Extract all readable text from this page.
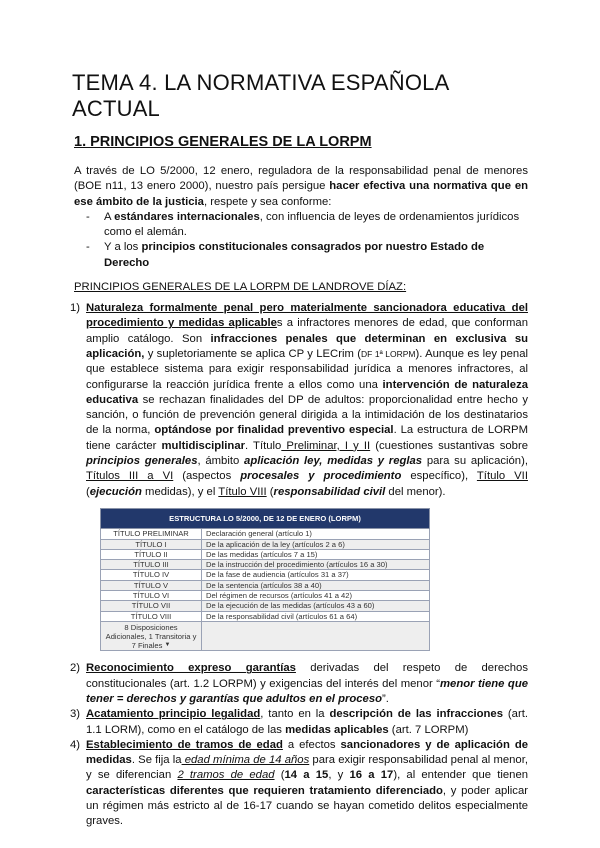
TEMA 4. LA NORMATIVA ESPAÑOLA ACTUAL
1. PRINCIPIOS GENERALES DE LA LORPM

A través de LO 5/2000, 12 enero, reguladora de la responsabilidad penal de menores (BOE n11, 13 enero 2000), nuestro país persigue hacer efectiva una normativa que en ese ámbito de la justicia, respete y sea conforme:

- A estándares internacionales, con influencia de leyes de ordenamientos jurídicos como el alemán.
- Y a los principios constitucionales consagrados por nuestro Estado de Derecho
PRINCIPIOS GENERALES DE LA LORPM DE LANDROVE DÍAZ:
1) Naturaleza formalmente penal pero materialmente sancionadora educativa del procedimiento y medidas aplicables a infractores menores de edad, que conforman amplio catálogo. Son infracciones penales que determinan en exclusiva su aplicación, y supletoriamente se aplica CP y LECrim (DF 1ª LORPM). Aunque es ley penal que establece sistema para exigir responsabilidad jurídica a menores infractores, al configurarse la reacción jurídica frente a ellos como una intervención de naturaleza educativa se rechazan finalidades del DP de adultos: proporcionalidad entre hecho y sanción, o función de prevención general dirigida a la intimidación de los destinatarios de la norma, optándose por finalidad preventivo especial. La estructura de LORPM tiene carácter multidisciplinar. Título Preliminar, I y II (cuestiones sustantivas sobre principios generales, ámbito aplicación ley, medidas y reglas para su aplicación), Títulos III a VI (aspectos procesales y procedimiento específico), Título VII (ejecución medidas), y el Título VIII (responsabilidad civil del menor).

ESTRUCTURA LO 5/2000, DE 12 DE ENERO (LORPM)	
TÍTULO PRELIMINAR	Declaración general (artículo 1)
TÍTULO I	De la aplicación de la ley (artículos 2 a 6)
TÍTULO II	De las medidas (artículos 7 a 15)
TÍTULO III	De la instrucción del procedimiento (artículos 16 a 30)
TÍTULO IV	De la fase de audiencia (artículos 31 a 37)
TÍTULO V	De la sentencia (artículos 38 a 40)
TÍTULO VI	Del régimen de recursos (artículos 41 a 42)
TÍTULO VII	De la ejecución de las medidas (artículos 43 a 60)
TÍTULO VIII	De la responsabilidad civil (artículos 61 a 64)
8 Disposiciones Adicionales, 1 Transitoria y 7 Finales ▼	
2) Reconocimiento expreso garantías derivadas del respeto de derechos constitucionales (art. 1.2 LORPM) y exigencias del interés del menor “menor tiene que tener = derechos y garantías que adultos en el proceso”.

3) Acatamiento principio legalidad, tanto en la descripción de las infracciones (art. 1.1 LORM), como en el catálogo de las medidas aplicables (art. 7 LORPM)

4) Establecimiento de tramos de edad a efectos sancionadores y de aplicación de medidas. Se fija la edad mínima de 14 años para exigir responsabilidad penal al menor, y se diferencian 2 tramos de edad (14 a 15, y 16 a 17), al entender que tienen características diferentes que requieren tratamiento diferenciado, y poder aplicar un régimen más estricto al de 16-17 cuando se hayan cometido delitos especialmente graves.
